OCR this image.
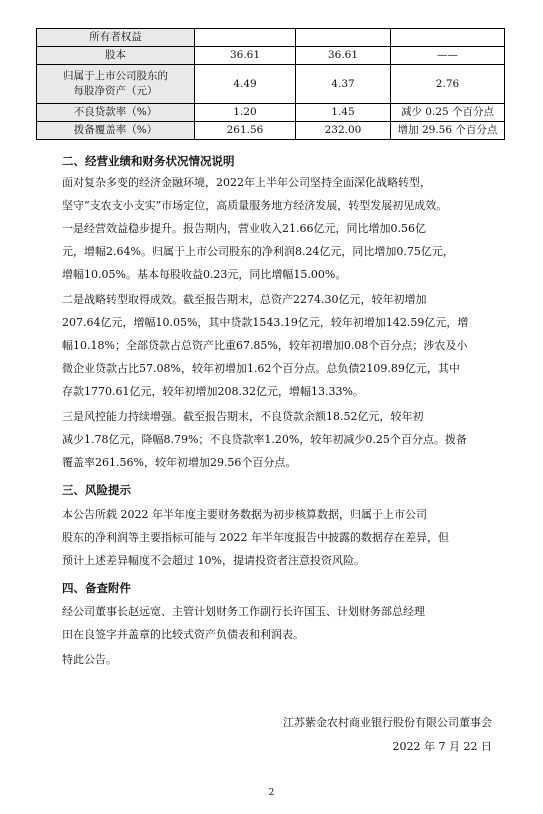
所有者权益			
股本	36.61	36.61	——
归属于上市公司股东的
每股净资产（元）	4.49	4.37	2.76
不良贷款率（%）	1.20	1.45	减少 0.25 个百分点
拨备覆盖率（%）	261.56	232.00	增加 29.56 个百分点
二、经营业绩和财务状况情况说明
面对复杂多变的经济金融环境，2022年上半年公司坚持全面深化战略转型，
坚守“支农支小支实”市场定位，高质量服务地方经济发展，转型发展初见成效。
一是经营效益稳步提升。报告期内，营业收入21.66亿元，同比增加0.56亿
元，增幅2.64%。归属于上市公司股东的净利润8.24亿元，同比增加0.75亿元，
增幅10.05%。基本每股收益0.23元，同比增幅15.00%。
二是战略转型取得成效。截至报告期末，总资产2274.30亿元，较年初增加
207.64亿元，增幅10.05%，其中贷款1543.19亿元，较年初增加142.59亿元，增
幅10.18%；全部贷款占总资产比重67.85%，较年初增加0.08个百分点；涉农及小
微企业贷款占比57.08%，较年初增加1.62个百分点。总负债2109.89亿元，其中
存款1770.61亿元，较年初增加208.32亿元，增幅13.33%。
三是风控能力持续增强。截至报告期末，不良贷款余额18.52亿元，较年初
减少1.78亿元，降幅8.79%；不良贷款率1.20%，较年初减少0.25个百分点。拨备
覆盖率261.56%，较年初增加29.56个百分点。
三、风险提示
本公告所载 2022 年半年度主要财务数据为初步核算数据，归属于上市公司
股东的净利润等主要指标可能与 2022 年半年度报告中披露的数据存在差异，但
预计上述差异幅度不会超过 10%，提请投资者注意投资风险。
四、备查附件
经公司董事长赵远宽、主管计划财务工作副行长许国玉、计划财务部总经理
田在良签字并盖章的比较式资产负债表和利润表。
特此公告。
江苏紫金农村商业银行股份有限公司董事会
2022 年 7 月 22 日
2
